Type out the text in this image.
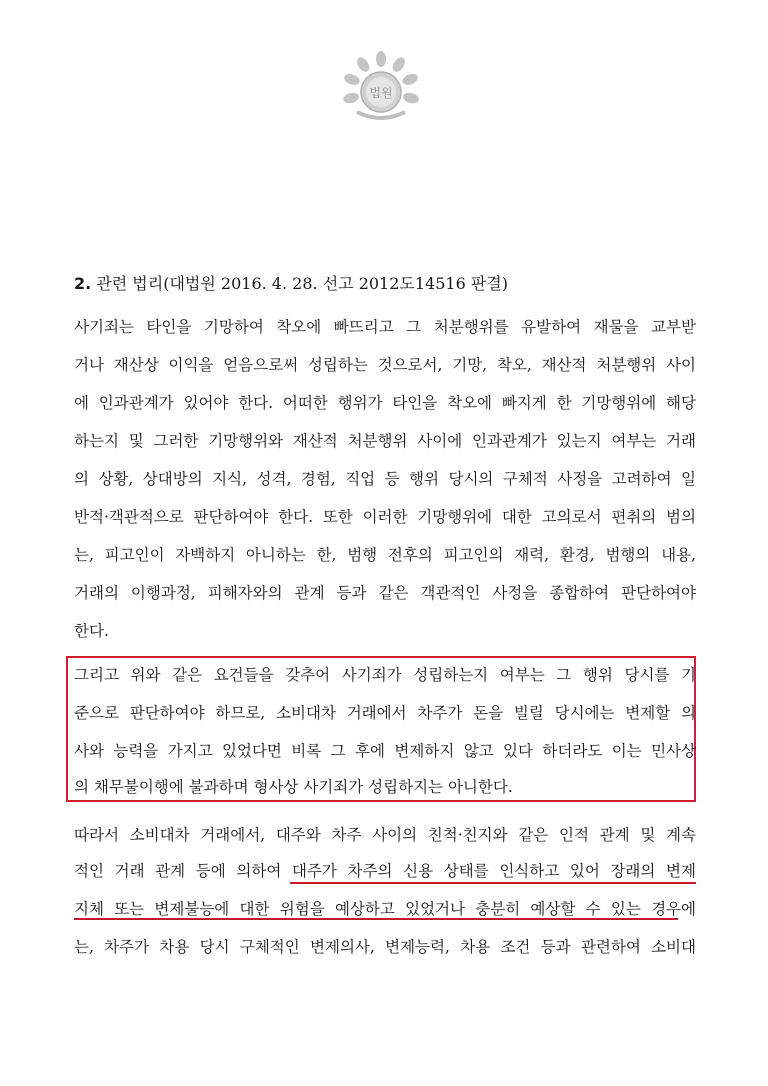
법원
2. 관련 법리(대법원 2016. 4. 28. 선고 2012도14516 판결)
사기죄는 타인을 기망하여 착오에 빠뜨리고 그 처분행위를 유발하여 재물을 교부받
거나 재산상 이익을 얻음으로써 성립하는 것으로서, 기망, 착오, 재산적 처분행위 사이
에 인과관계가 있어야 한다. 어떠한 행위가 타인을 착오에 빠지게 한 기망행위에 해당
하는지 및 그러한 기망행위와 재산적 처분행위 사이에 인과관계가 있는지 여부는 거래
의 상황, 상대방의 지식, 성격, 경험, 직업 등 행위 당시의 구체적 사정을 고려하여 일
반적·객관적으로 판단하여야 한다. 또한 이러한 기망행위에 대한 고의로서 편취의 범의
는, 피고인이 자백하지 아니하는 한, 범행 전후의 피고인의 재력, 환경, 범행의 내용,
거래의 이행과정, 피해자와의 관계 등과 같은 객관적인 사정을 종합하여 판단하여야
한다.
그리고 위와 같은 요건들을 갖추어 사기죄가 성립하는지 여부는 그 행위 당시를 기
준으로 판단하여야 하므로, 소비대차 거래에서 차주가 돈을 빌릴 당시에는 변제할 의
사와 능력을 가지고 있었다면 비록 그 후에 변제하지 않고 있다 하더라도 이는 민사상
의 채무불이행에 불과하며 형사상 사기죄가 성립하지는 아니한다.
따라서 소비대차 거래에서, 대주와 차주 사이의 친척·친지와 같은 인적 관계 및 계속
적인 거래 관계 등에 의하여 대주가 차주의 신용 상태를 인식하고 있어 장래의 변제
지체 또는 변제불능에 대한 위험을 예상하고 있었거나 충분히 예상할 수 있는 경우에
는, 차주가 차용 당시 구체적인 변제의사, 변제능력, 차용 조건 등과 관련하여 소비대
